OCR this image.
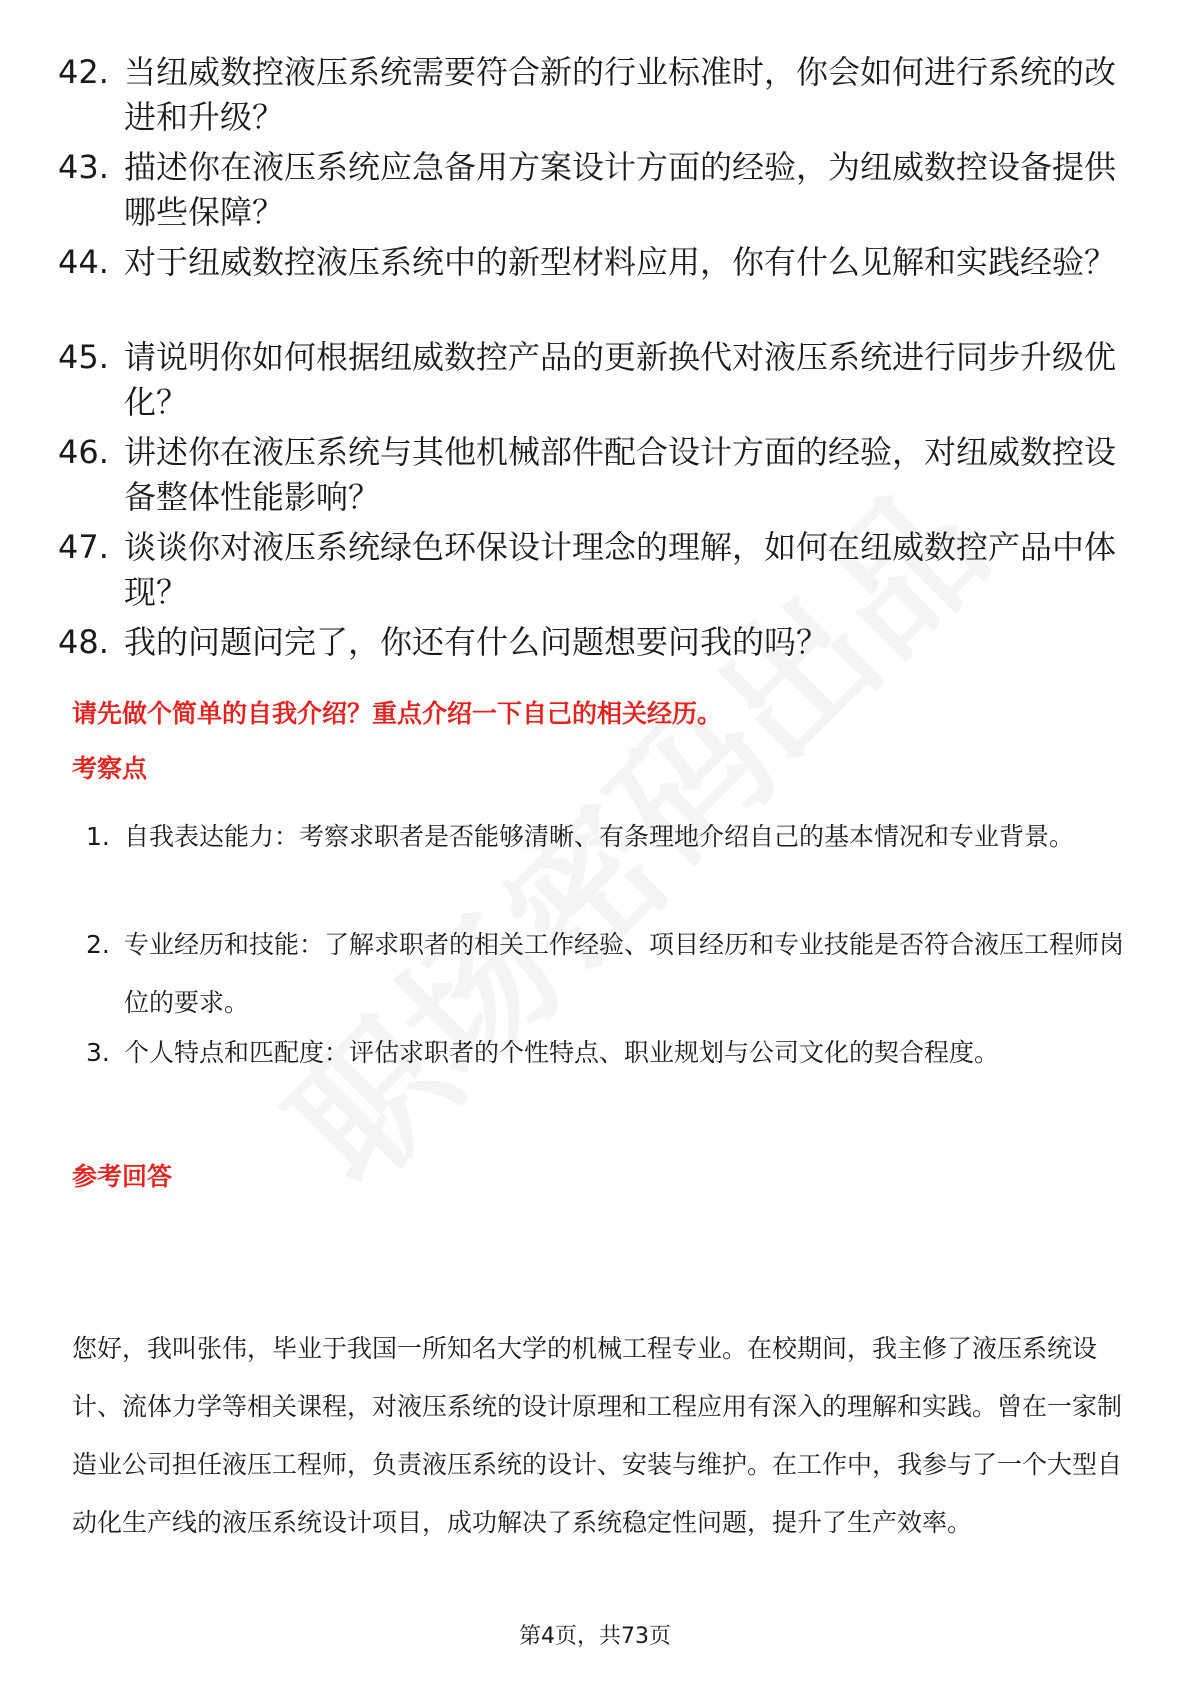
42. 当纽威数控液压系统需要符合新的行业标准时，你会如何进行系统的改进和升级？
43. 描述你在液压系统应急备用方案设计方面的经验，为纽威数控设备提供哪些保障？
44. 对于纽威数控液压系统中的新型材料应用，你有什么见解和实践经验？
45. 请说明你如何根据纽威数控产品的更新换代对液压系统进行同步升级优化？
46. 讲述你在液压系统与其他机械部件配合设计方面的经验，对纽威数控设备整体性能影响？
47. 谈谈你对液压系统绿色环保设计理念的理解，如何在纽威数控产品中体现？
48. 我的问题问完了，你还有什么问题想要问我的吗？
请先做个简单的自我介绍？重点介绍一下自己的相关经历。
考察点
1. 自我表达能力：考察求职者是否能够清晰、有条理地介绍自己的基本情况和专业背景。
2. 专业经历和技能：了解求职者的相关工作经验、项目经历和专业技能是否符合液压工程师岗位的要求。
3. 个人特点和匹配度：评估求职者的个性特点、职业规划与公司文化的契合程度。
参考回答
您好，我叫张伟，毕业于我国一所知名大学的机械工程专业。在校期间，我主修了液压系统设计、流体力学等相关课程，对液压系统的设计原理和工程应用有深入的理解和实践。曾在一家制造业公司担任液压工程师，负责液压系统的设计、安装与维护。在工作中，我参与了一个大型自动化生产线的液压系统设计项目，成功解决了系统稳定性问题，提升了生产效率。
第4页，共73页
